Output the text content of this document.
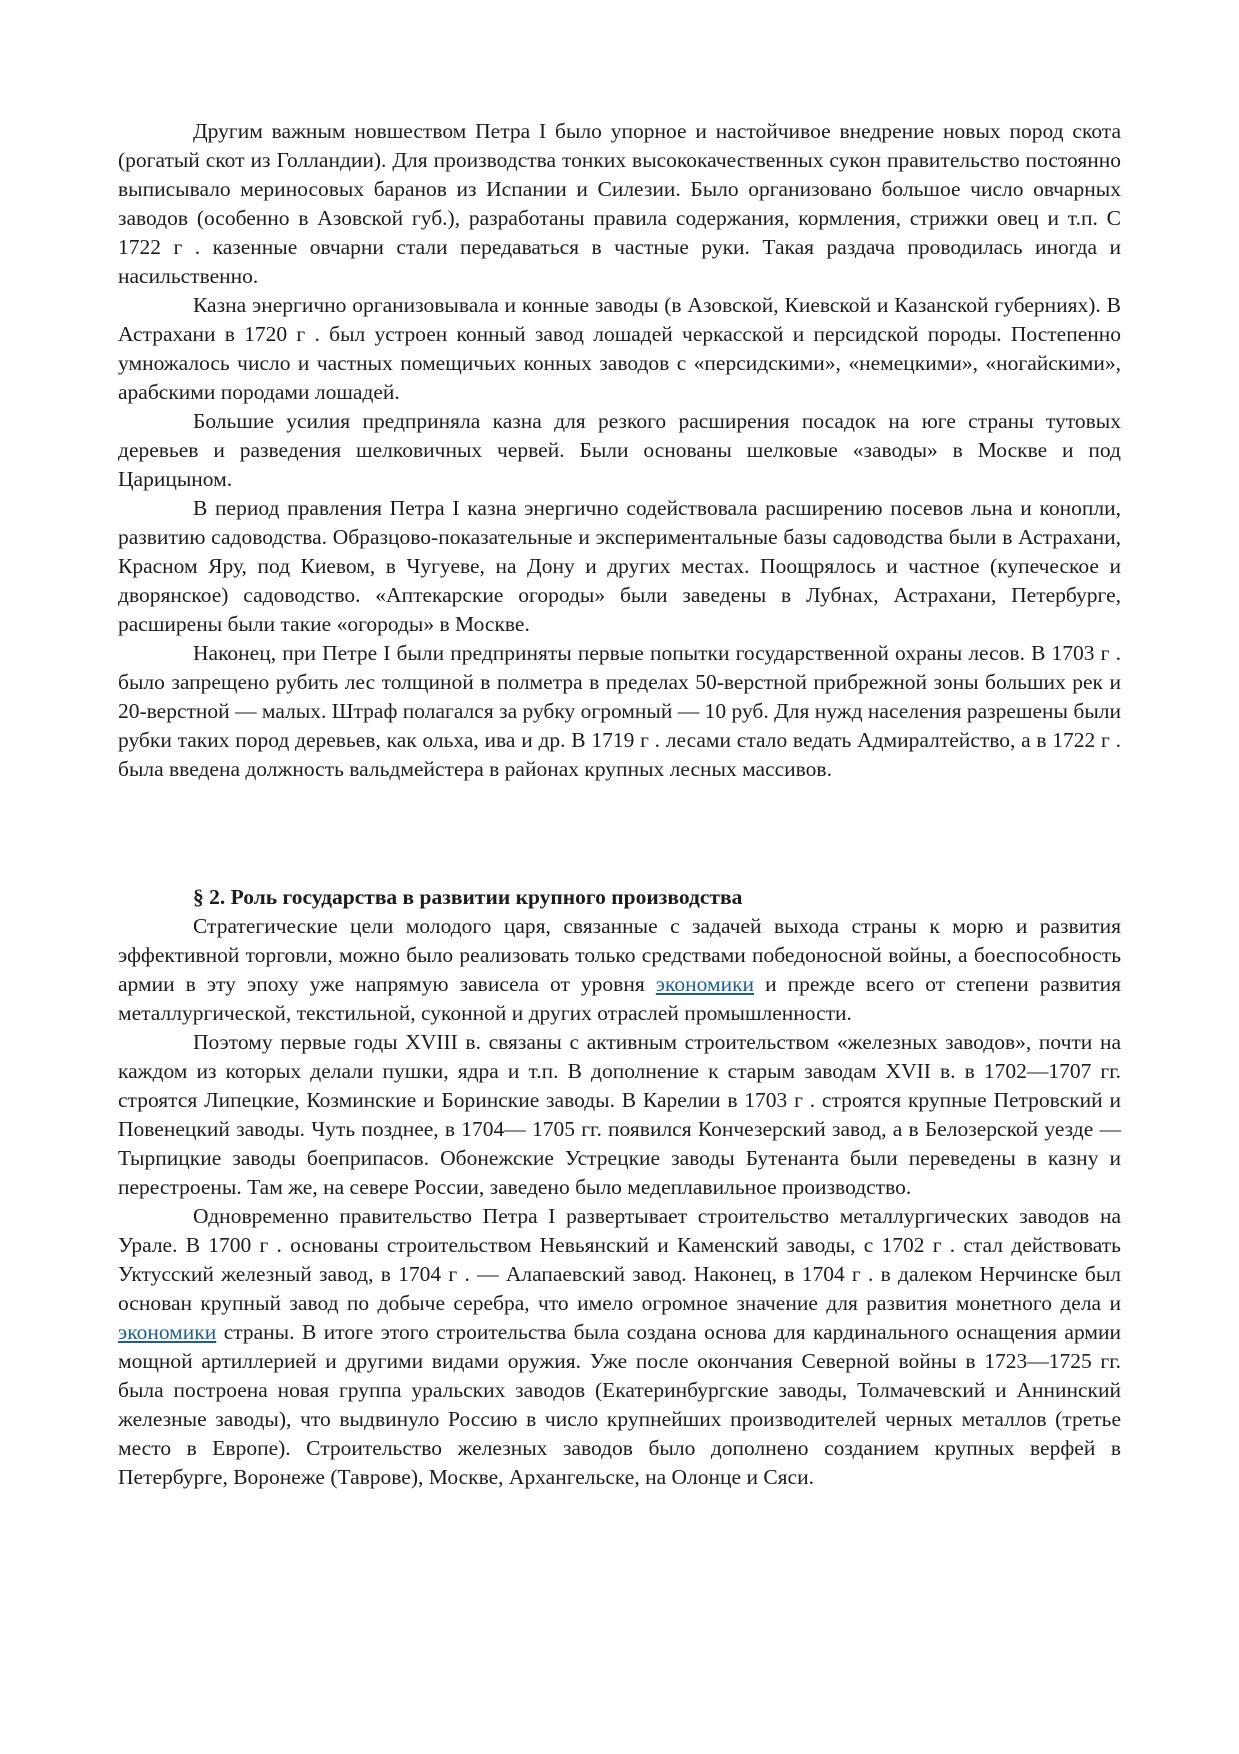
Другим важным новшеством Петра I было упорное и настойчивое внедрение новых пород скота (рогатый скот из Голландии). Для производства тонких высококачественных сукон правительство постоянно выписывало мериносовых баранов из Испании и Силезии. Было организовано большое число овчарных заводов (особенно в Азовской губ.), разработаны правила содержания, кормления, стрижки овец и т.п. С 1722 г . казенные овчарни стали передаваться в частные руки. Такая раздача проводилась иногда и насильственно.

Казна энергично организовывала и конные заводы (в Азовской, Киевской и Казанской губерниях). В Астрахани в 1720 г . был устроен конный завод лошадей черкасской и персидской породы. Постепенно умножалось число и частных помещичьих конных заводов с «персидскими», «немецкими», «ногайскими», арабскими породами лошадей.

Большие усилия предприняла казна для резкого расширения посадок на юге страны тутовых деревьев и разведения шелковичных червей. Были основаны шелковые «заводы» в Москве и под Царицыном.

В период правления Петра I казна энергично содействовала расширению посевов льна и конопли, развитию садоводства. Образцово-показательные и экспериментальные базы садоводства были в Астрахани, Красном Яру, под Киевом, в Чугуеве, на Дону и других местах. Поощрялось и частное (купеческое и дворянское) садоводство. «Аптекарские огороды» были заведены в Лубнах, Астрахани, Петербурге, расширены были такие «огороды» в Москве.

Наконец, при Петре I были предприняты первые попытки государственной охраны лесов. В 1703 г . было запрещено рубить лес толщиной в полметра в пределах 50-верстной прибрежной зоны больших рек и 20-верстной — малых. Штраф полагался за рубку огромный — 10 руб. Для нужд населения разрешены были рубки таких пород деревьев, как ольха, ива и др. В 1719 г . лесами стало ведать Адмиралтейство, а в 1722 г . была введена должность вальдмейстера в районах крупных лесных массивов.

§ 2. Роль государства в развитии крупного производства

Стратегические цели молодого царя, связанные с задачей выхода страны к морю и развития эффективной торговли, можно было реализовать только средствами победоносной войны, а боеспособность армии в эту эпоху уже напрямую зависела от уровня экономики и прежде всего от степени развития металлургической, текстильной, суконной и других отраслей промышленности.

Поэтому первые годы XVIII в. связаны с активным строительством «железных заводов», почти на каждом из которых делали пушки, ядра и т.п. В дополнение к старым заводам XVII в. в 1702—1707 гг. строятся Липецкие, Козминские и Боринские заводы. В Карелии в 1703 г . строятся крупные Петровский и Повенецкий заводы. Чуть позднее, в 1704— 1705 гг. появился Кончезерский завод, а в Белозерской уезде — Тырпицкие заводы боеприпасов. Обонежские Устрецкие заводы Бутенанта были переведены в казну и перестроены. Там же, на севере России, заведено было медеплавильное производство.

Одновременно правительство Петра I развертывает строительство металлургических заводов на Урале. В 1700 г . основаны строительством Невьянский и Каменский заводы, с 1702 г . стал действовать Уктусский железный завод, в 1704 г . — Алапаевский завод. Наконец, в 1704 г . в далеком Нерчинске был основан крупный завод по добыче серебра, что имело огромное значение для развития монетного дела и экономики страны. В итоге этого строительства была создана основа для кардинального оснащения армии мощной артиллерией и другими видами оружия. Уже после окончания Северной войны в 1723—1725 гг. была построена новая группа уральских заводов (Екатеринбургские заводы, Толмачевский и Аннинский железные заводы), что выдвинуло Россию в число крупнейших производителей черных металлов (третье место в Европе). Строительство железных заводов было дополнено созданием крупных верфей в Петербурге, Воронеже (Таврове), Москве, Архангельске, на Олонце и Сяси.
